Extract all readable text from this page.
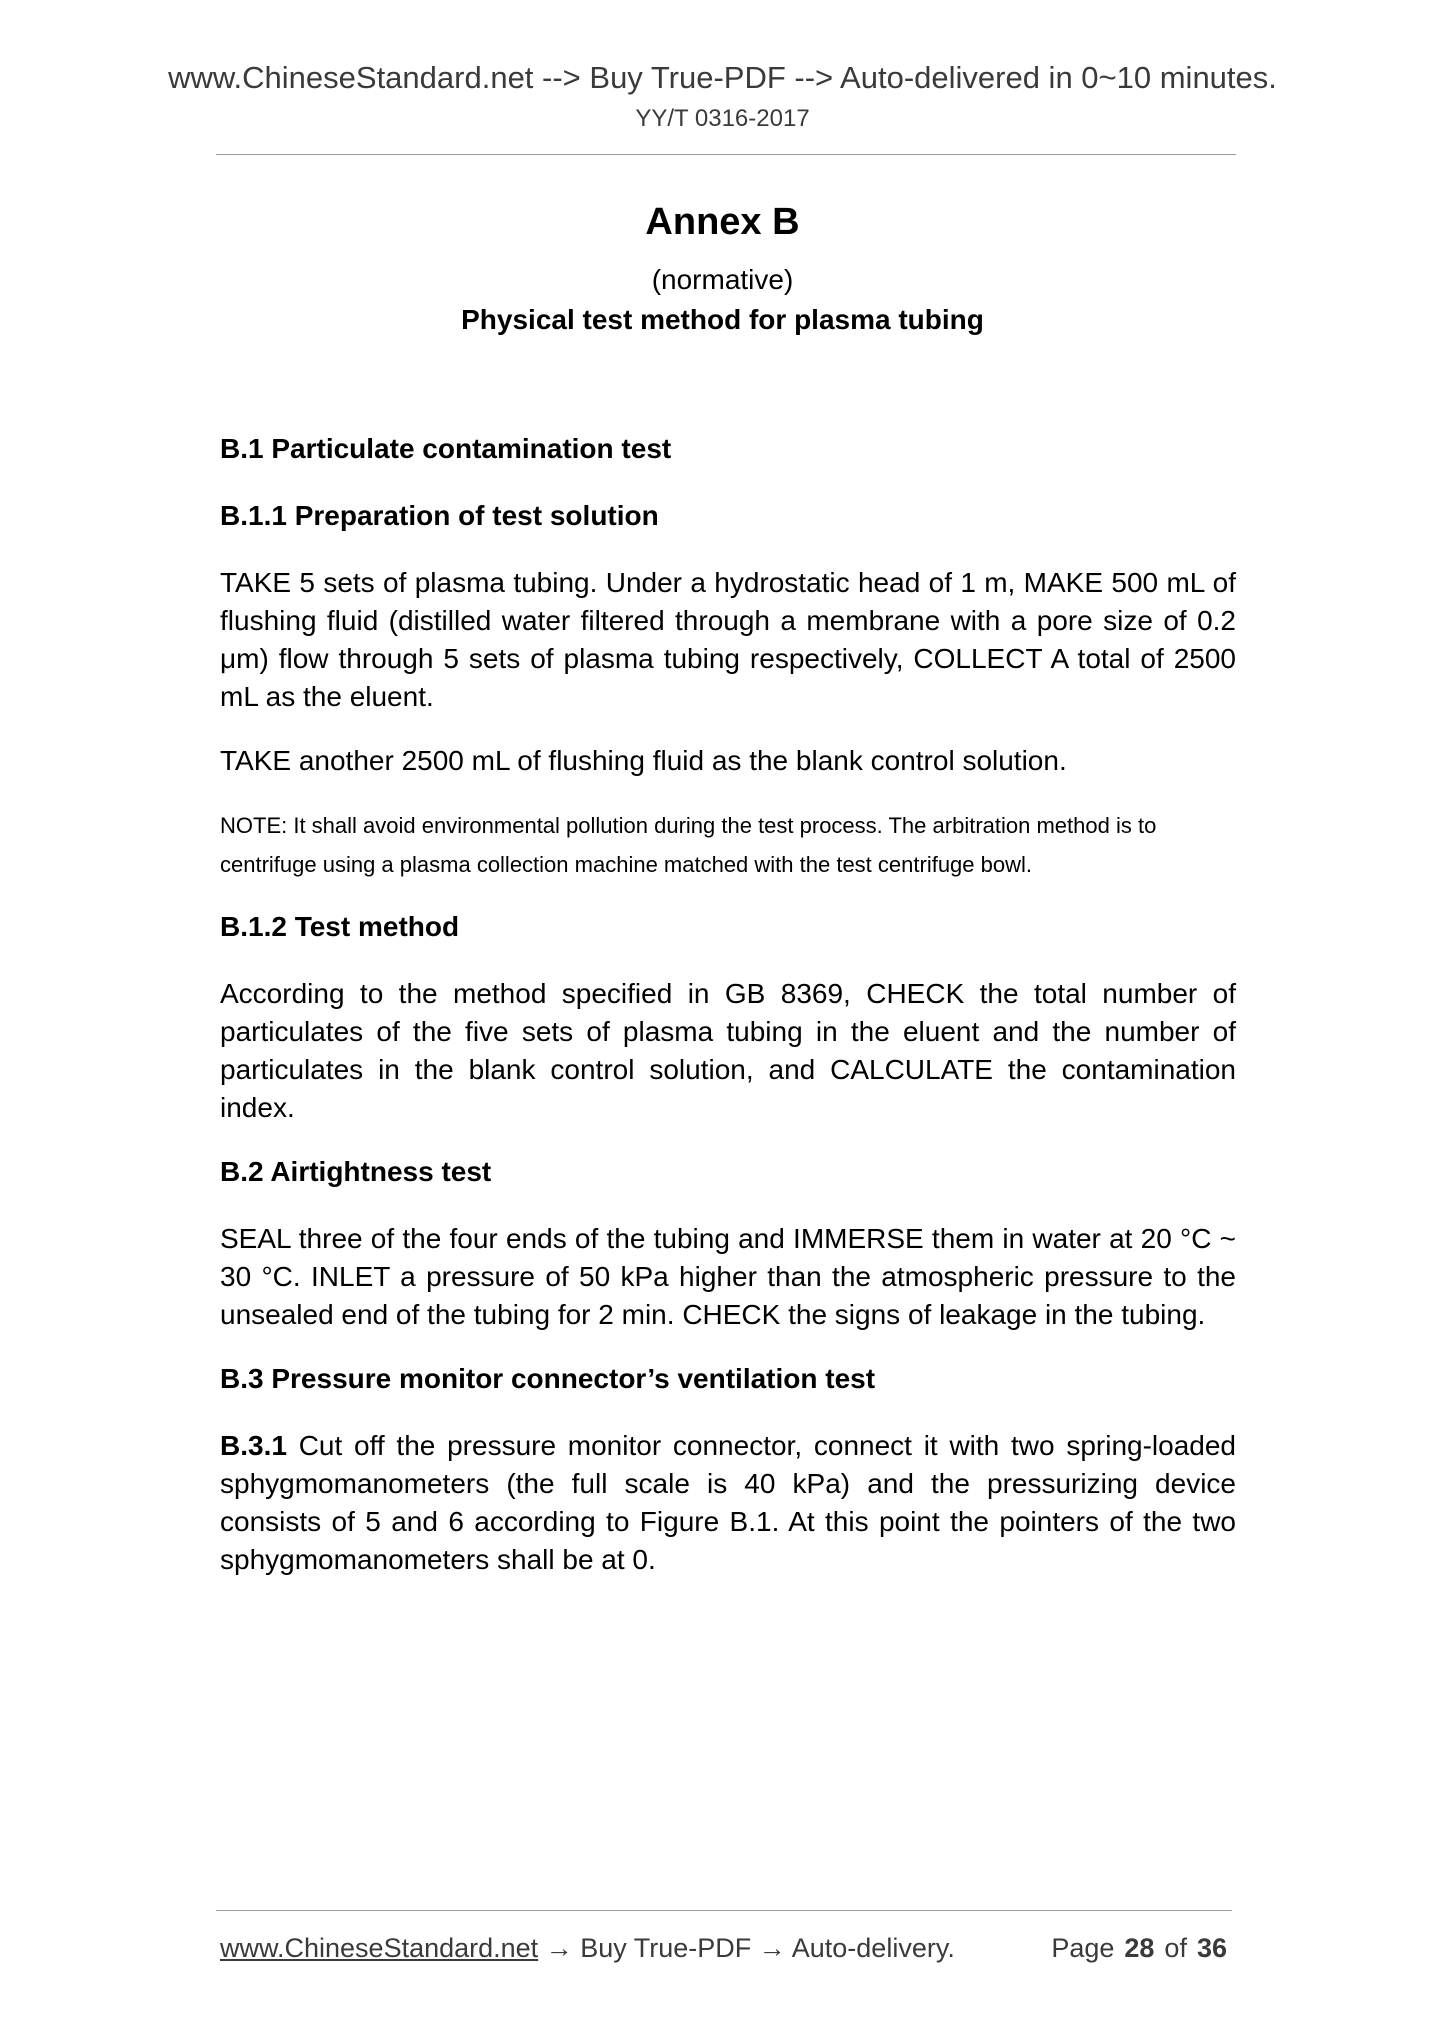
www.ChineseStandard.net --> Buy True-PDF --> Auto-delivered in 0~10 minutes.
YY/T 0316-2017
Annex B
(normative)
Physical test method for plasma tubing
B.1 Particulate contamination test
B.1.1 Preparation of test solution
TAKE 5 sets of plasma tubing. Under a hydrostatic head of 1 m, MAKE 500 mL of flushing fluid (distilled water filtered through a membrane with a pore size of 0.2 μm) flow through 5 sets of plasma tubing respectively, COLLECT A total of 2500 mL as the eluent.
TAKE another 2500 mL of flushing fluid as the blank control solution.
NOTE: It shall avoid environmental pollution during the test process. The arbitration method is to centrifuge using a plasma collection machine matched with the test centrifuge bowl.
B.1.2 Test method
According to the method specified in GB 8369, CHECK the total number of particulates of the five sets of plasma tubing in the eluent and the number of particulates in the blank control solution, and CALCULATE the contamination index.
B.2 Airtightness test
SEAL three of the four ends of the tubing and IMMERSE them in water at 20 °C ~ 30 °C. INLET a pressure of 50 kPa higher than the atmospheric pressure to the unsealed end of the tubing for 2 min. CHECK the signs of leakage in the tubing.
B.3 Pressure monitor connector’s ventilation test
B.3.1 Cut off the pressure monitor connector, connect it with two spring-loaded sphygmomanometers (the full scale is 40 kPa) and the pressurizing device consists of 5 and 6 according to Figure B.1. At this point the pointers of the two sphygmomanometers shall be at 0.
www.ChineseStandard.net → Buy True-PDF → Auto-delivery.	Page 28 of 36
